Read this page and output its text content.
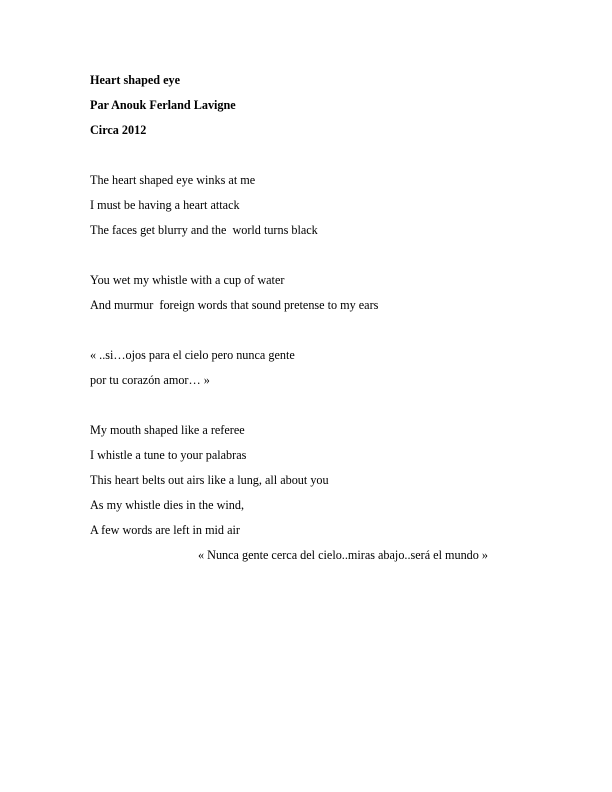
Heart shaped eye

Par Anouk Ferland Lavigne

Circa 2012

The heart shaped eye winks at me

I must be having a heart attack

The faces get blurry and the  world turns black

You wet my whistle with a cup of water

And murmur  foreign words that sound pretense to my ears

« ..si…ojos para el cielo pero nunca gente

por tu corazón amor… »

My mouth shaped like a referee

I whistle a tune to your palabras

This heart belts out airs like a lung, all about you

As my whistle dies in the wind,

A few words are left in mid air

« Nunca gente cerca del cielo..miras abajo..será el mundo »
